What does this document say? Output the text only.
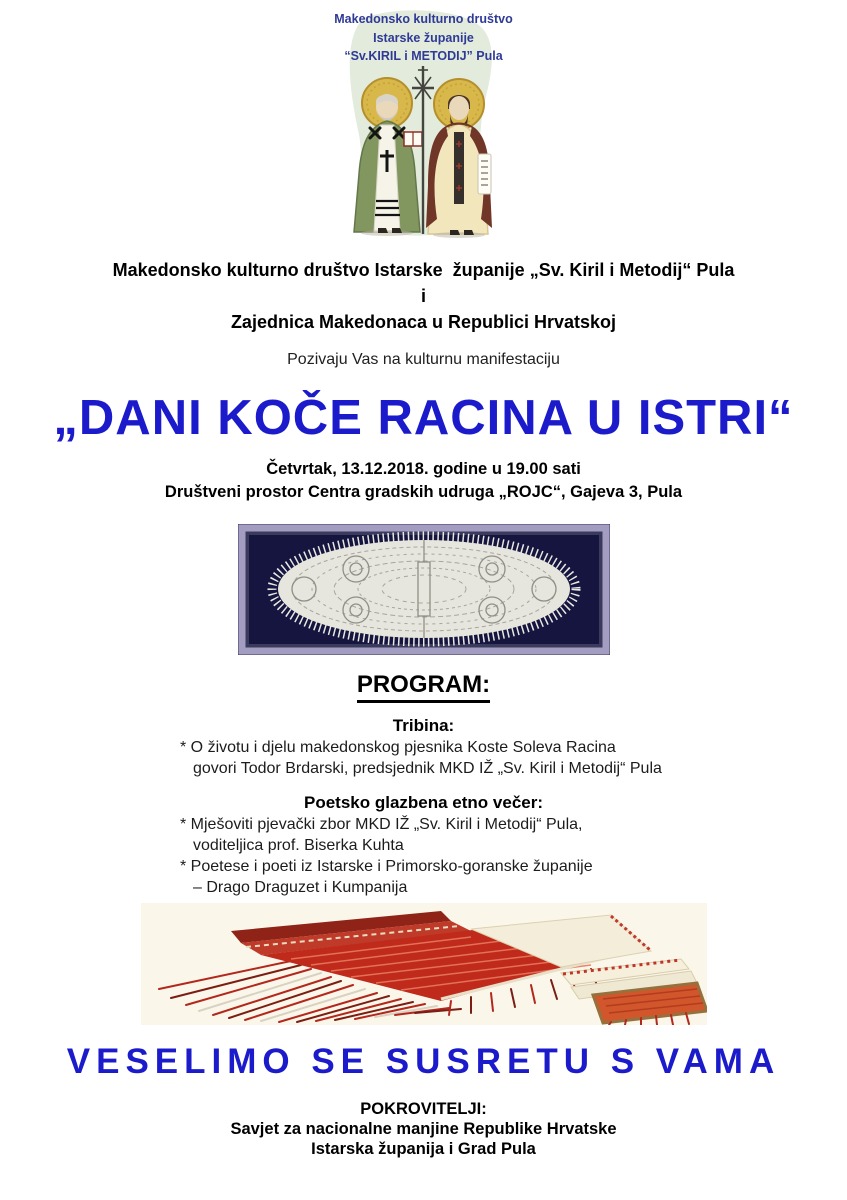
Makedonsko kulturno društvo
Istarske županije
“Sv.KIRIL i METODIJ” Pula
Makedonsko kulturno društvo Istarske  županije „Sv. Kiril i Metodij“ Pula
i
Zajednica Makedonaca u Republici Hrvatskoj
Pozivaju Vas na kulturnu manifestaciju
„DANI KOČE RACINA U ISTRI“
Četvrtak, 13.12.2018. godine u 19.00 sati
Društveni prostor Centra gradskih udruga „ROJC“, Gajeva 3, Pula
PROGRAM:
Tribina:
* O životu i djelu makedonskog pjesnika Koste Soleva Racina
govori Todor Brdarski, predsjednik MKD IŽ „Sv. Kiril i Metodij“ Pula
Poetsko glazbena etno večer:
* Mješoviti pjevački zbor MKD IŽ „Sv. Kiril i Metodij“ Pula,
voditeljica prof. Biserka Kuhta
* Poetese i poeti iz Istarske i Primorsko-goranske županije
– Drago Draguzet i Kumpanija
VESELIMO SE SUSRETU S VAMA
POKROVITELJI:
Savjet za nacionalne manjine Republike Hrvatske
Istarska županija i Grad Pula
